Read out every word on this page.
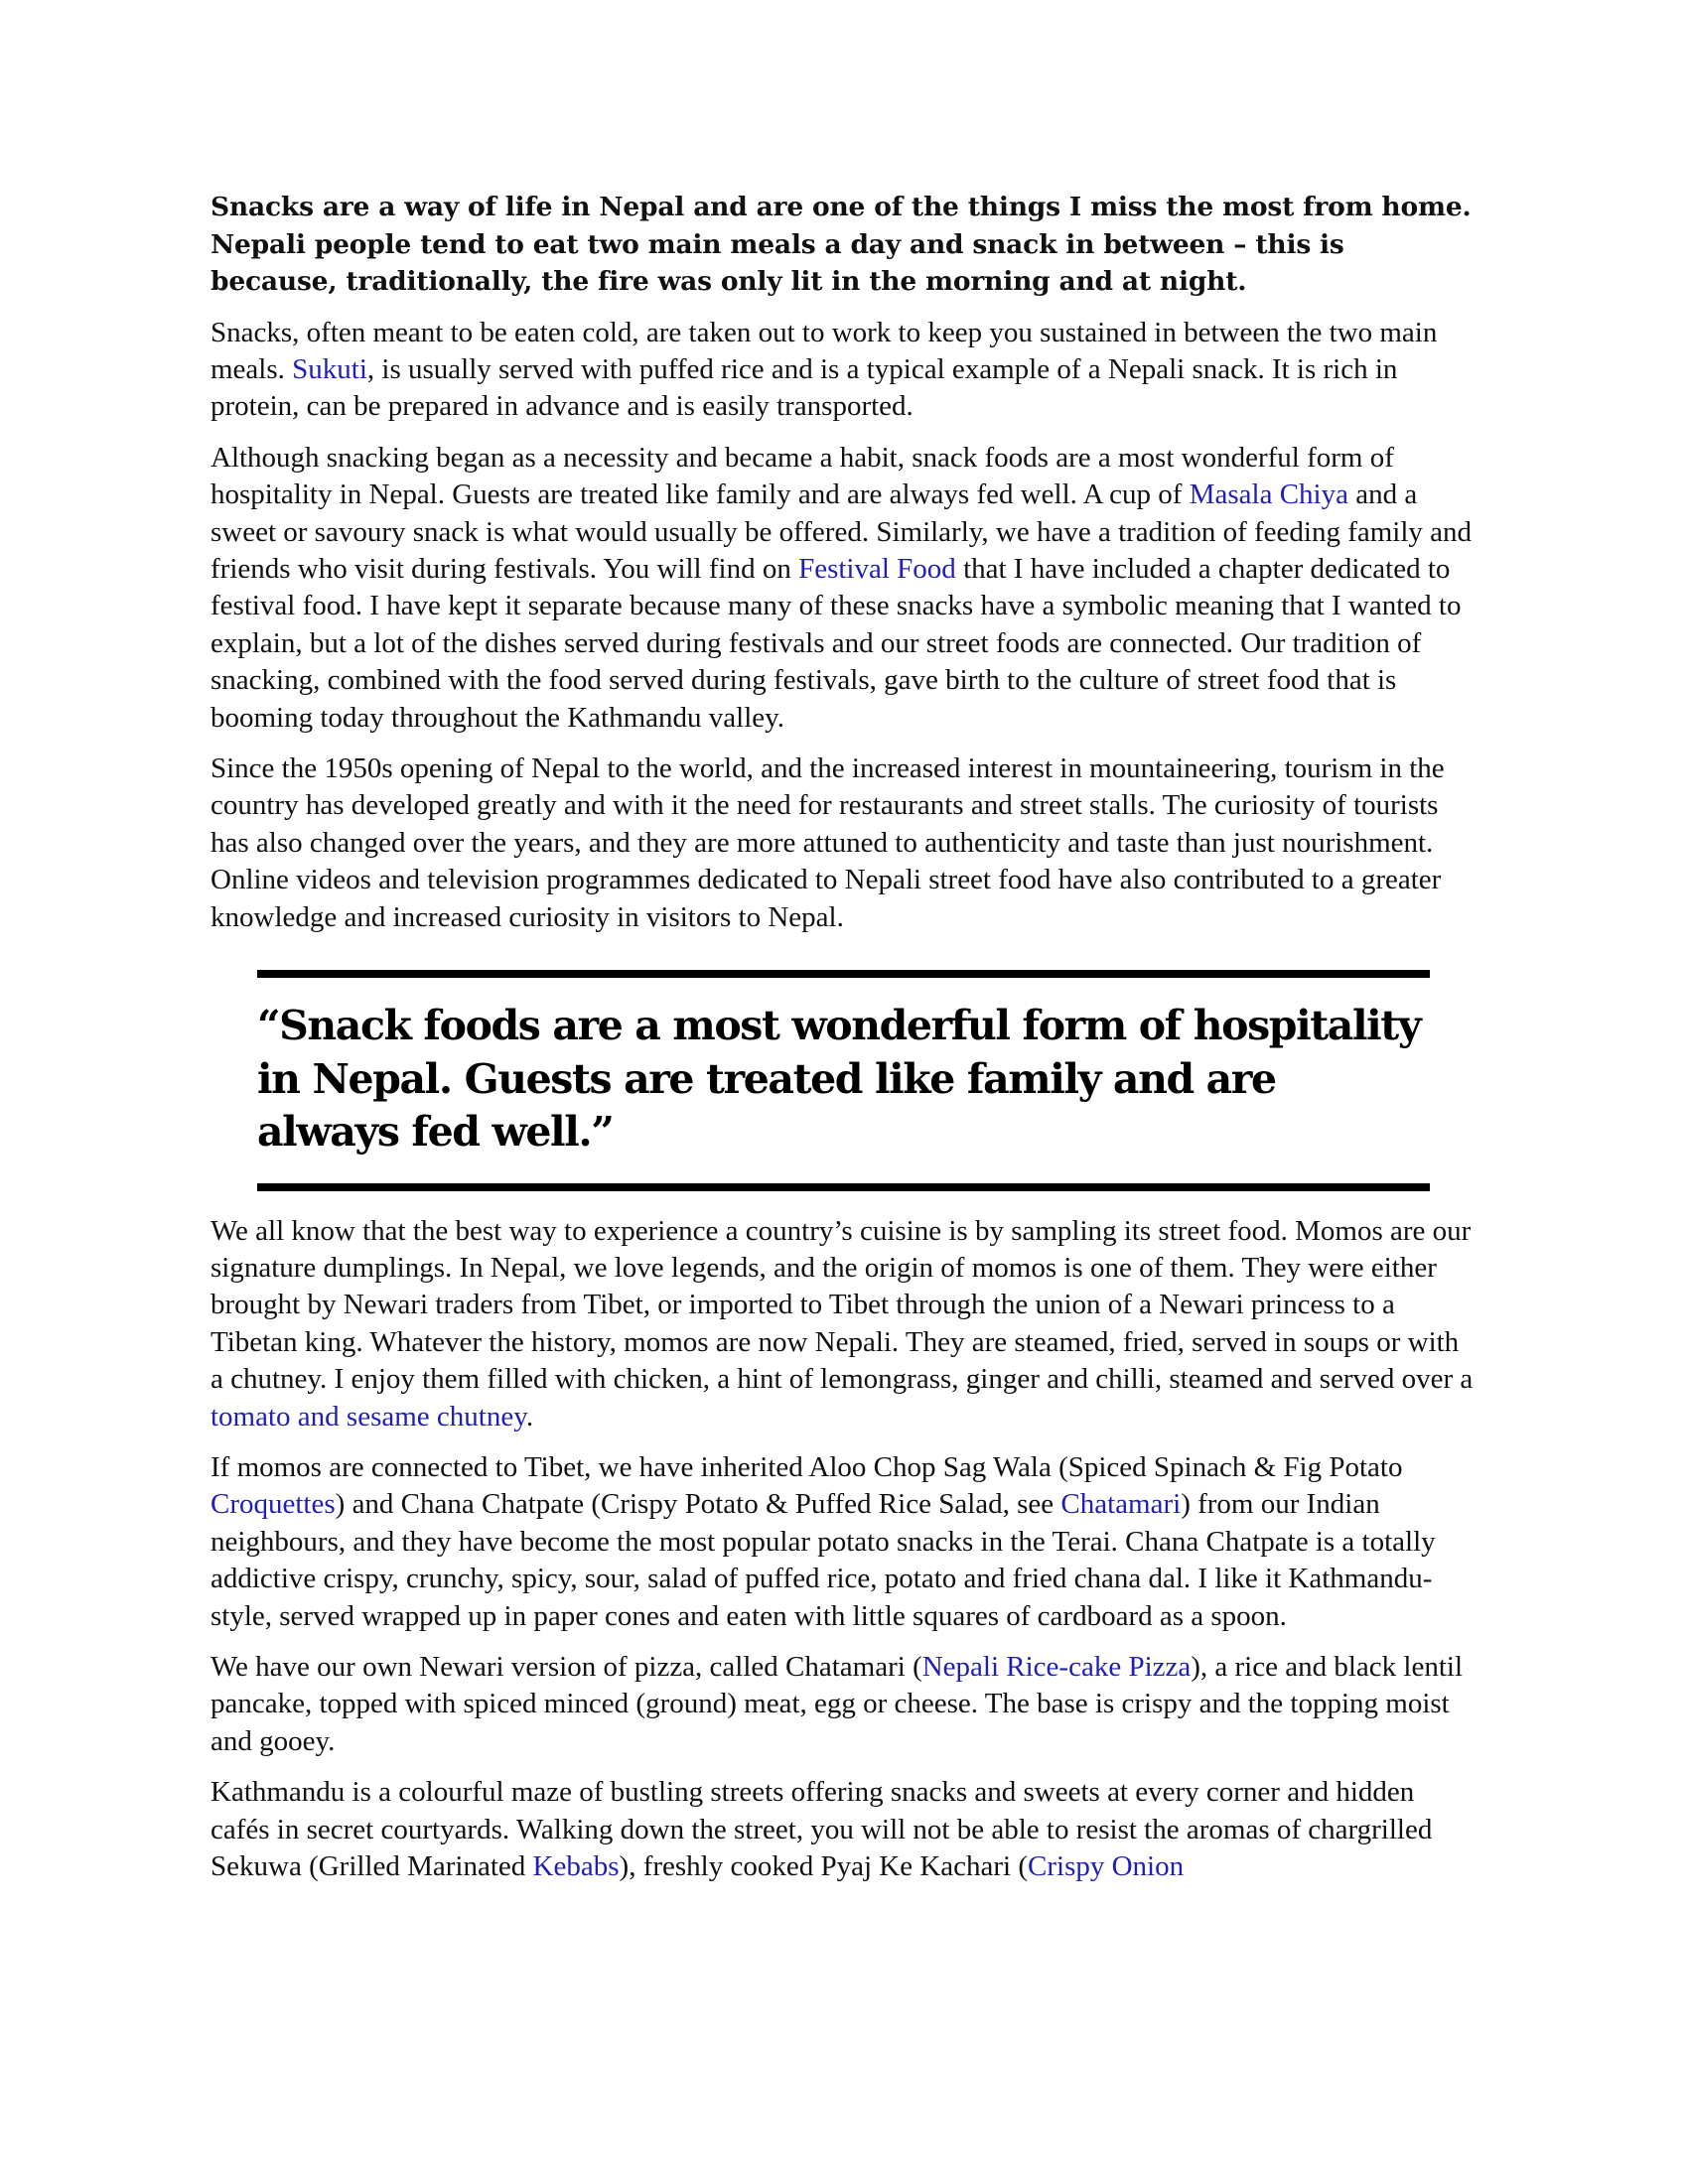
Snacks are a way of life in Nepal and are one of the things I miss the most from home. Nepali people tend to eat two main meals a day and snack in between – this is because, traditionally, the fire was only lit in the morning and at night.

Snacks, often meant to be eaten cold, are taken out to work to keep you sustained in between the two main meals. Sukuti, is usually served with puffed rice and is a typical example of a Nepali snack. It is rich in protein, can be prepared in advance and is easily transported.

Although snacking began as a necessity and became a habit, snack foods are a most wonderful form of hospitality in Nepal. Guests are treated like family and are always fed well. A cup of Masala Chiya and a sweet or savoury snack is what would usually be offered. Similarly, we have a tradition of feeding family and friends who visit during festivals. You will find on Festival Food that I have included a chapter dedicated to festival food. I have kept it separate because many of these snacks have a symbolic meaning that I wanted to explain, but a lot of the dishes served during festivals and our street foods are connected. Our tradition of snacking, combined with the food served during festivals, gave birth to the culture of street food that is booming today throughout the Kathmandu valley.

Since the 1950s opening of Nepal to the world, and the increased interest in mountaineering, tourism in the country has developed greatly and with it the need for restaurants and street stalls. The curiosity of tourists has also changed over the years, and they are more attuned to authenticity and taste than just nourishment. Online videos and television programmes dedicated to Nepali street food have also contributed to a greater knowledge and increased curiosity in visitors to Nepal.

“Snack foods are a most wonderful form of hospitality in Nepal. Guests are treated like family and are always fed well.”

We all know that the best way to experience a country’s cuisine is by sampling its street food. Momos are our signature dumplings. In Nepal, we love legends, and the origin of momos is one of them. They were either brought by Newari traders from Tibet, or imported to Tibet through the union of a Newari princess to a Tibetan king. Whatever the history, momos are now Nepali. They are steamed, fried, served in soups or with a chutney. I enjoy them filled with chicken, a hint of lemongrass, ginger and chilli, steamed and served over a tomato and sesame chutney.

If momos are connected to Tibet, we have inherited Aloo Chop Sag Wala (Spiced Spinach & Fig Potato Croquettes) and Chana Chatpate (Crispy Potato & Puffed Rice Salad, see Chatamari) from our Indian neighbours, and they have become the most popular potato snacks in the Terai. Chana Chatpate is a totally addictive crispy, crunchy, spicy, sour, salad of puffed rice, potato and fried chana dal. I like it Kathmandu-style, served wrapped up in paper cones and eaten with little squares of cardboard as a spoon.

We have our own Newari version of pizza, called Chatamari (Nepali Rice-cake Pizza), a rice and black lentil pancake, topped with spiced minced (ground) meat, egg or cheese. The base is crispy and the topping moist and gooey.

Kathmandu is a colourful maze of bustling streets offering snacks and sweets at every corner and hidden cafés in secret courtyards. Walking down the street, you will not be able to resist the aromas of chargrilled Sekuwa (Grilled Marinated Kebabs), freshly cooked Pyaj Ke Kachari (Crispy Onion
